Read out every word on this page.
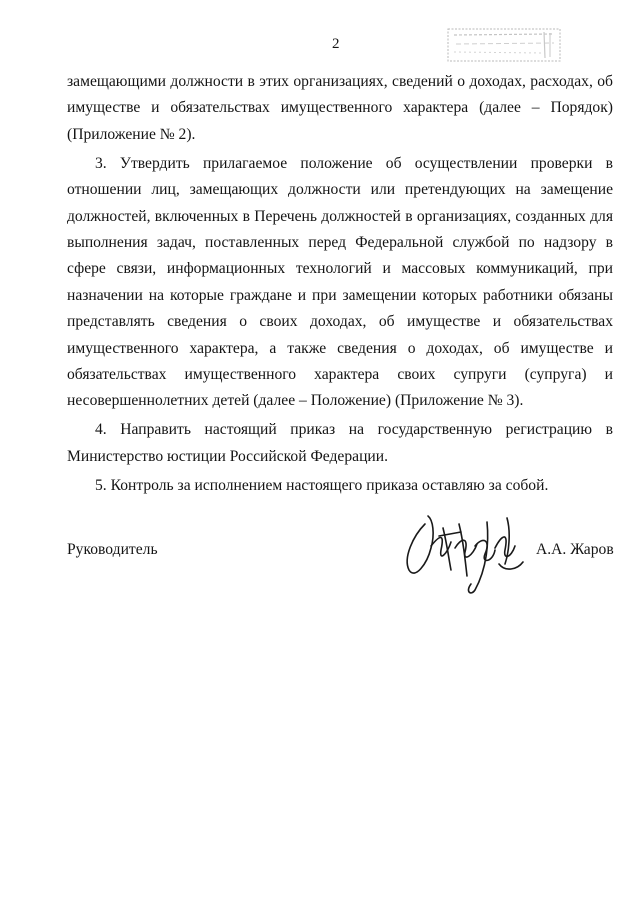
2

замещающими должности в этих организациях, сведений о доходах, расходах, об имуществе и обязательствах имущественного характера (далее – Порядок) (Приложение № 2).

3. Утвердить прилагаемое положение об осуществлении проверки в отношении лиц, замещающих должности или претендующих на замещение должностей, включенных в Перечень должностей в организациях, созданных для выполнения задач, поставленных перед Федеральной службой по надзору в сфере связи, информационных технологий и массовых коммуникаций, при назначении на которые граждане и при замещении которых работники обязаны представлять сведения о своих доходах, об имуществе и обязательствах имущественного характера, а также сведения о доходах, об имуществе и обязательствах имущественного характера своих супруги (супруга) и несовершеннолетних детей (далее – Положение) (Приложение № 3).

4. Направить настоящий приказ на государственную регистрацию в Министерство юстиции Российской Федерации.

5. Контроль за исполнением настоящего приказа оставляю за собой.

Руководитель	А.А. Жаров
